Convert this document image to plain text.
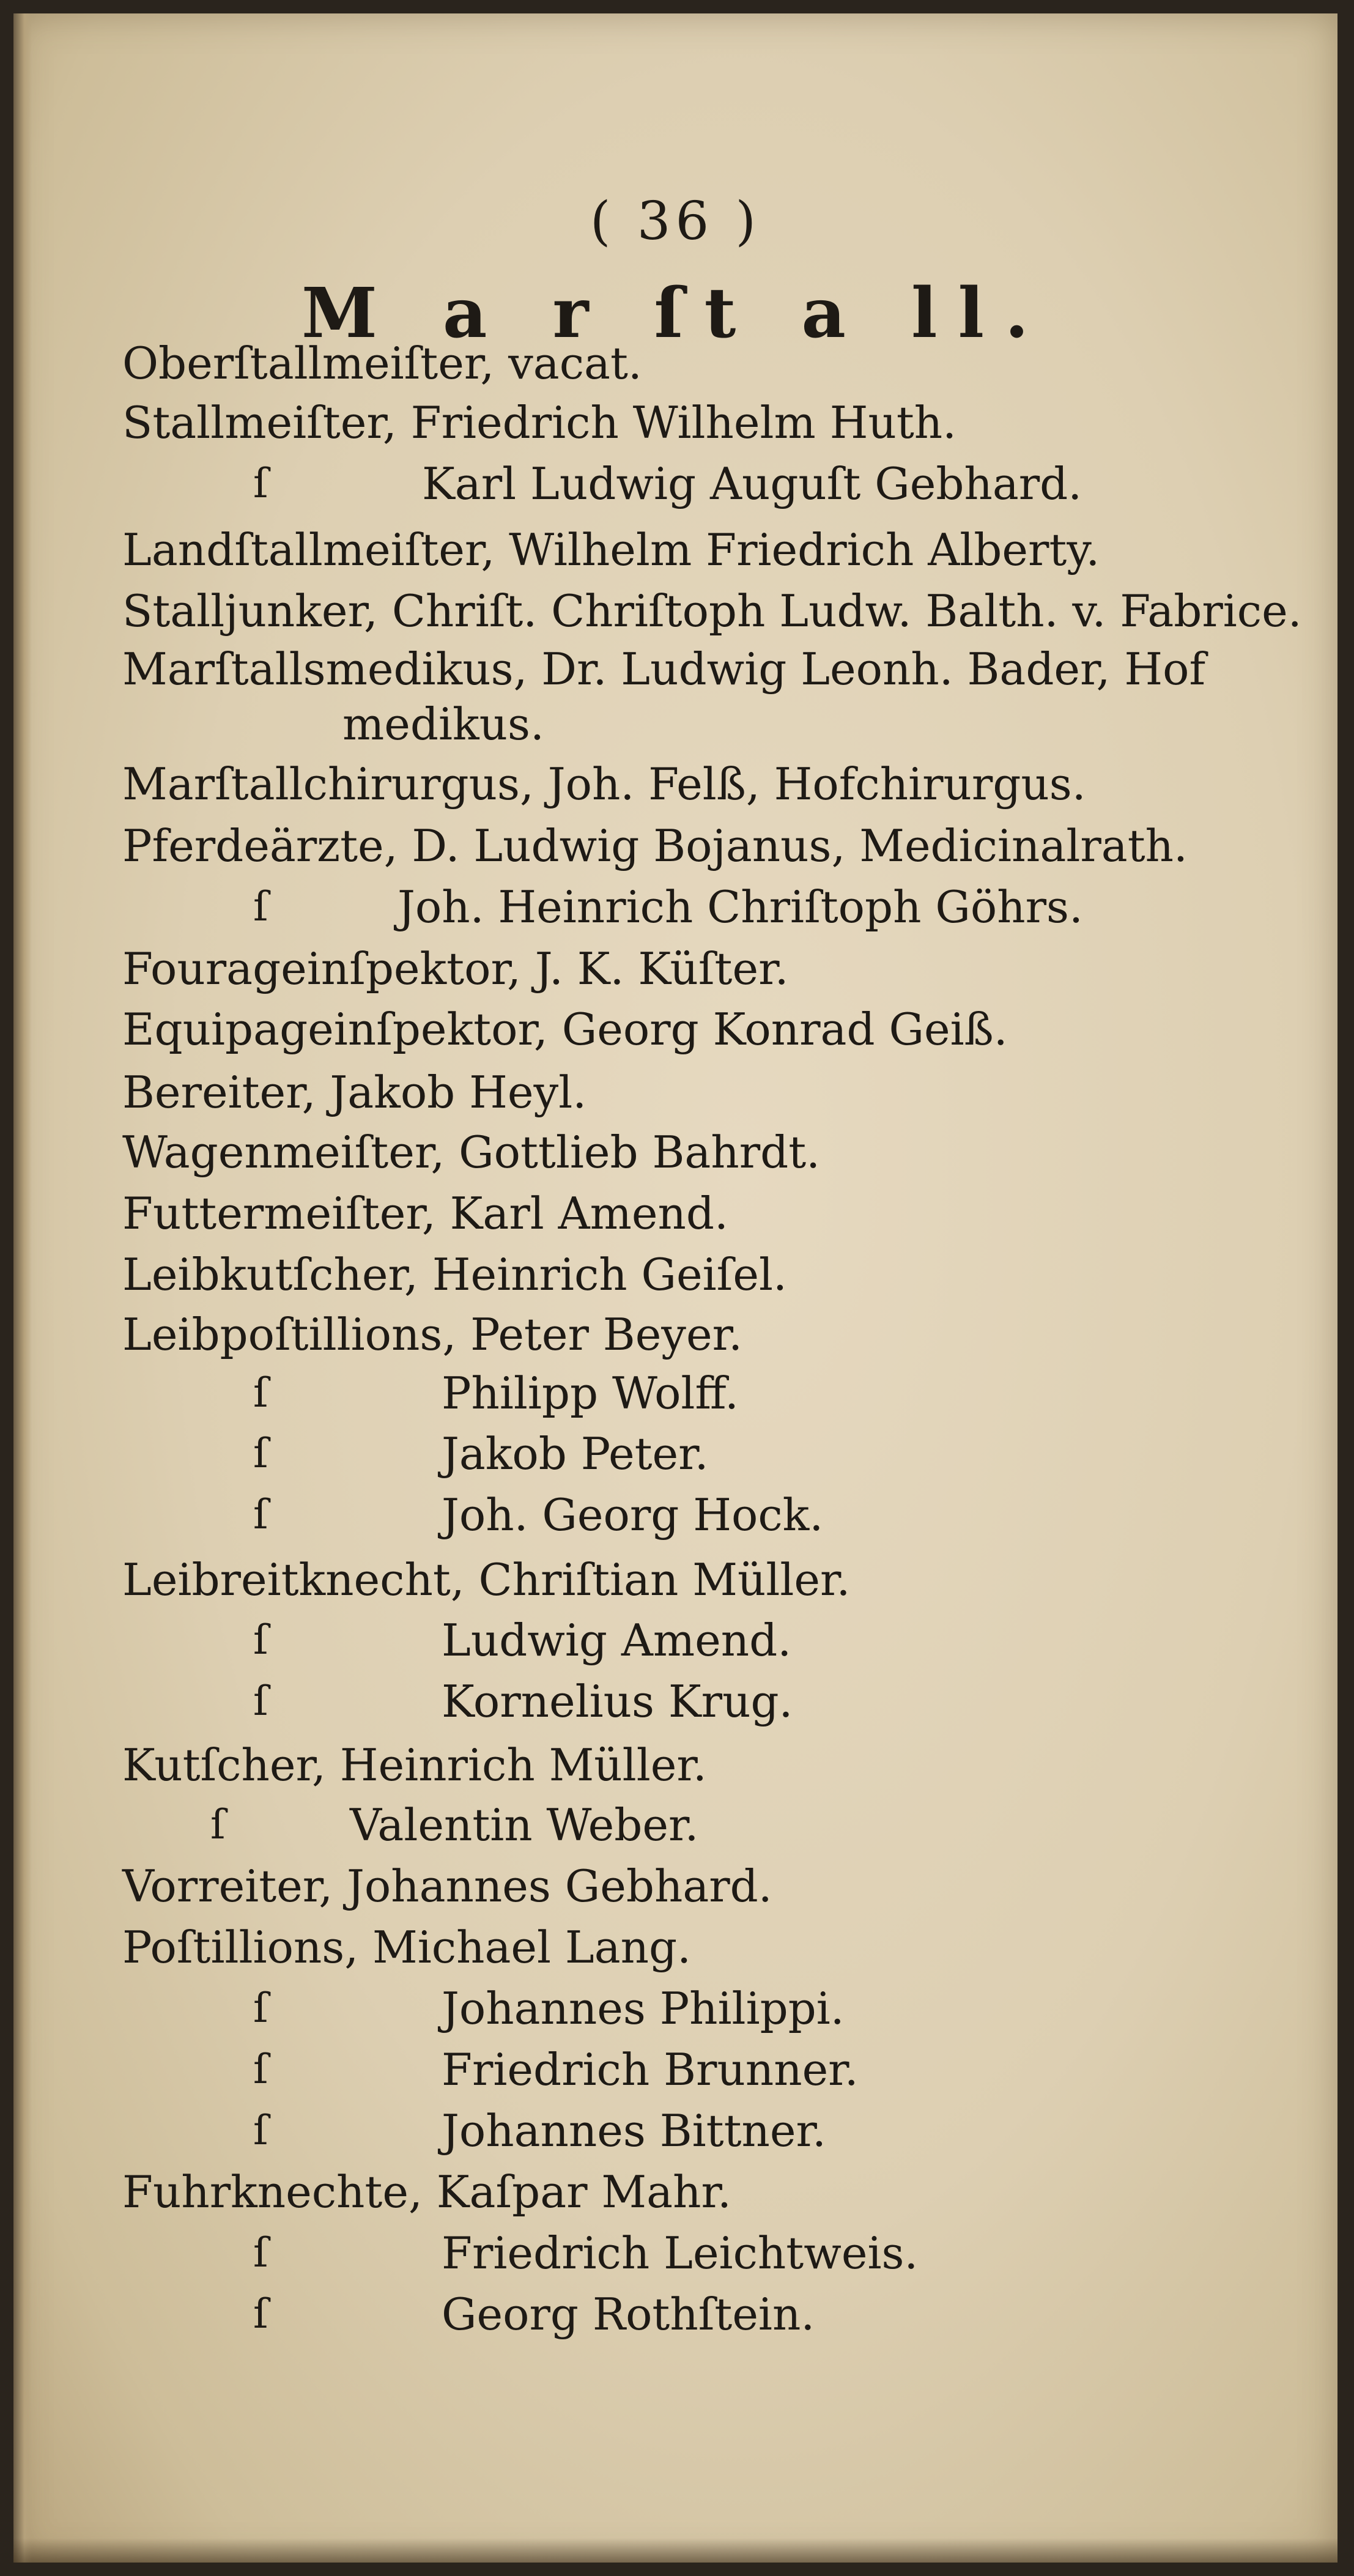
( 36 )
M a r ſt a ll.
Oberſtallmeiſter, vacat.
Stallmeiſter, Friedrich Wilhelm Huth.
ſ	Karl Ludwig Auguſt Gebhard.
Landſtallmeiſter, Wilhelm Friedrich Alberty.
Stalljunker, Chriſt. Chriſtoph Ludw. Balth. v. Fabrice.
Marſtallsmedikus, Dr. Ludwig Leonh. Bader, Hof
medikus.
Marſtallchirurgus, Joh. Felß, Hofchirurgus.
Pferdeärzte, D. Ludwig Bojanus, Medicinalrath.
ſ	Joh. Heinrich Chriſtoph Göhrs.
Fourageinſpektor, J. K. Küſter.
Equipageinſpektor, Georg Konrad Geiß.
Bereiter, Jakob Heyl.
Wagenmeiſter, Gottlieb Bahrdt.
Futtermeiſter, Karl Amend.
Leibkutſcher, Heinrich Geiſel.
Leibpoſtillions, Peter Beyer.
ſ	Philipp Wolff.
ſ	Jakob Peter.
ſ	Joh. Georg Hock.
Leibreitknecht, Chriſtian Müller.
ſ	Ludwig Amend.
ſ	Kornelius Krug.
Kutſcher, Heinrich Müller.
ſ	Valentin Weber.
Vorreiter, Johannes Gebhard.
Poſtillions, Michael Lang.
ſ	Johannes Philippi.
ſ	Friedrich Brunner.
ſ	Johannes Bittner.
Fuhrknechte, Kaſpar Mahr.
ſ	Friedrich Leichtweis.
ſ	Georg Rothſtein.
